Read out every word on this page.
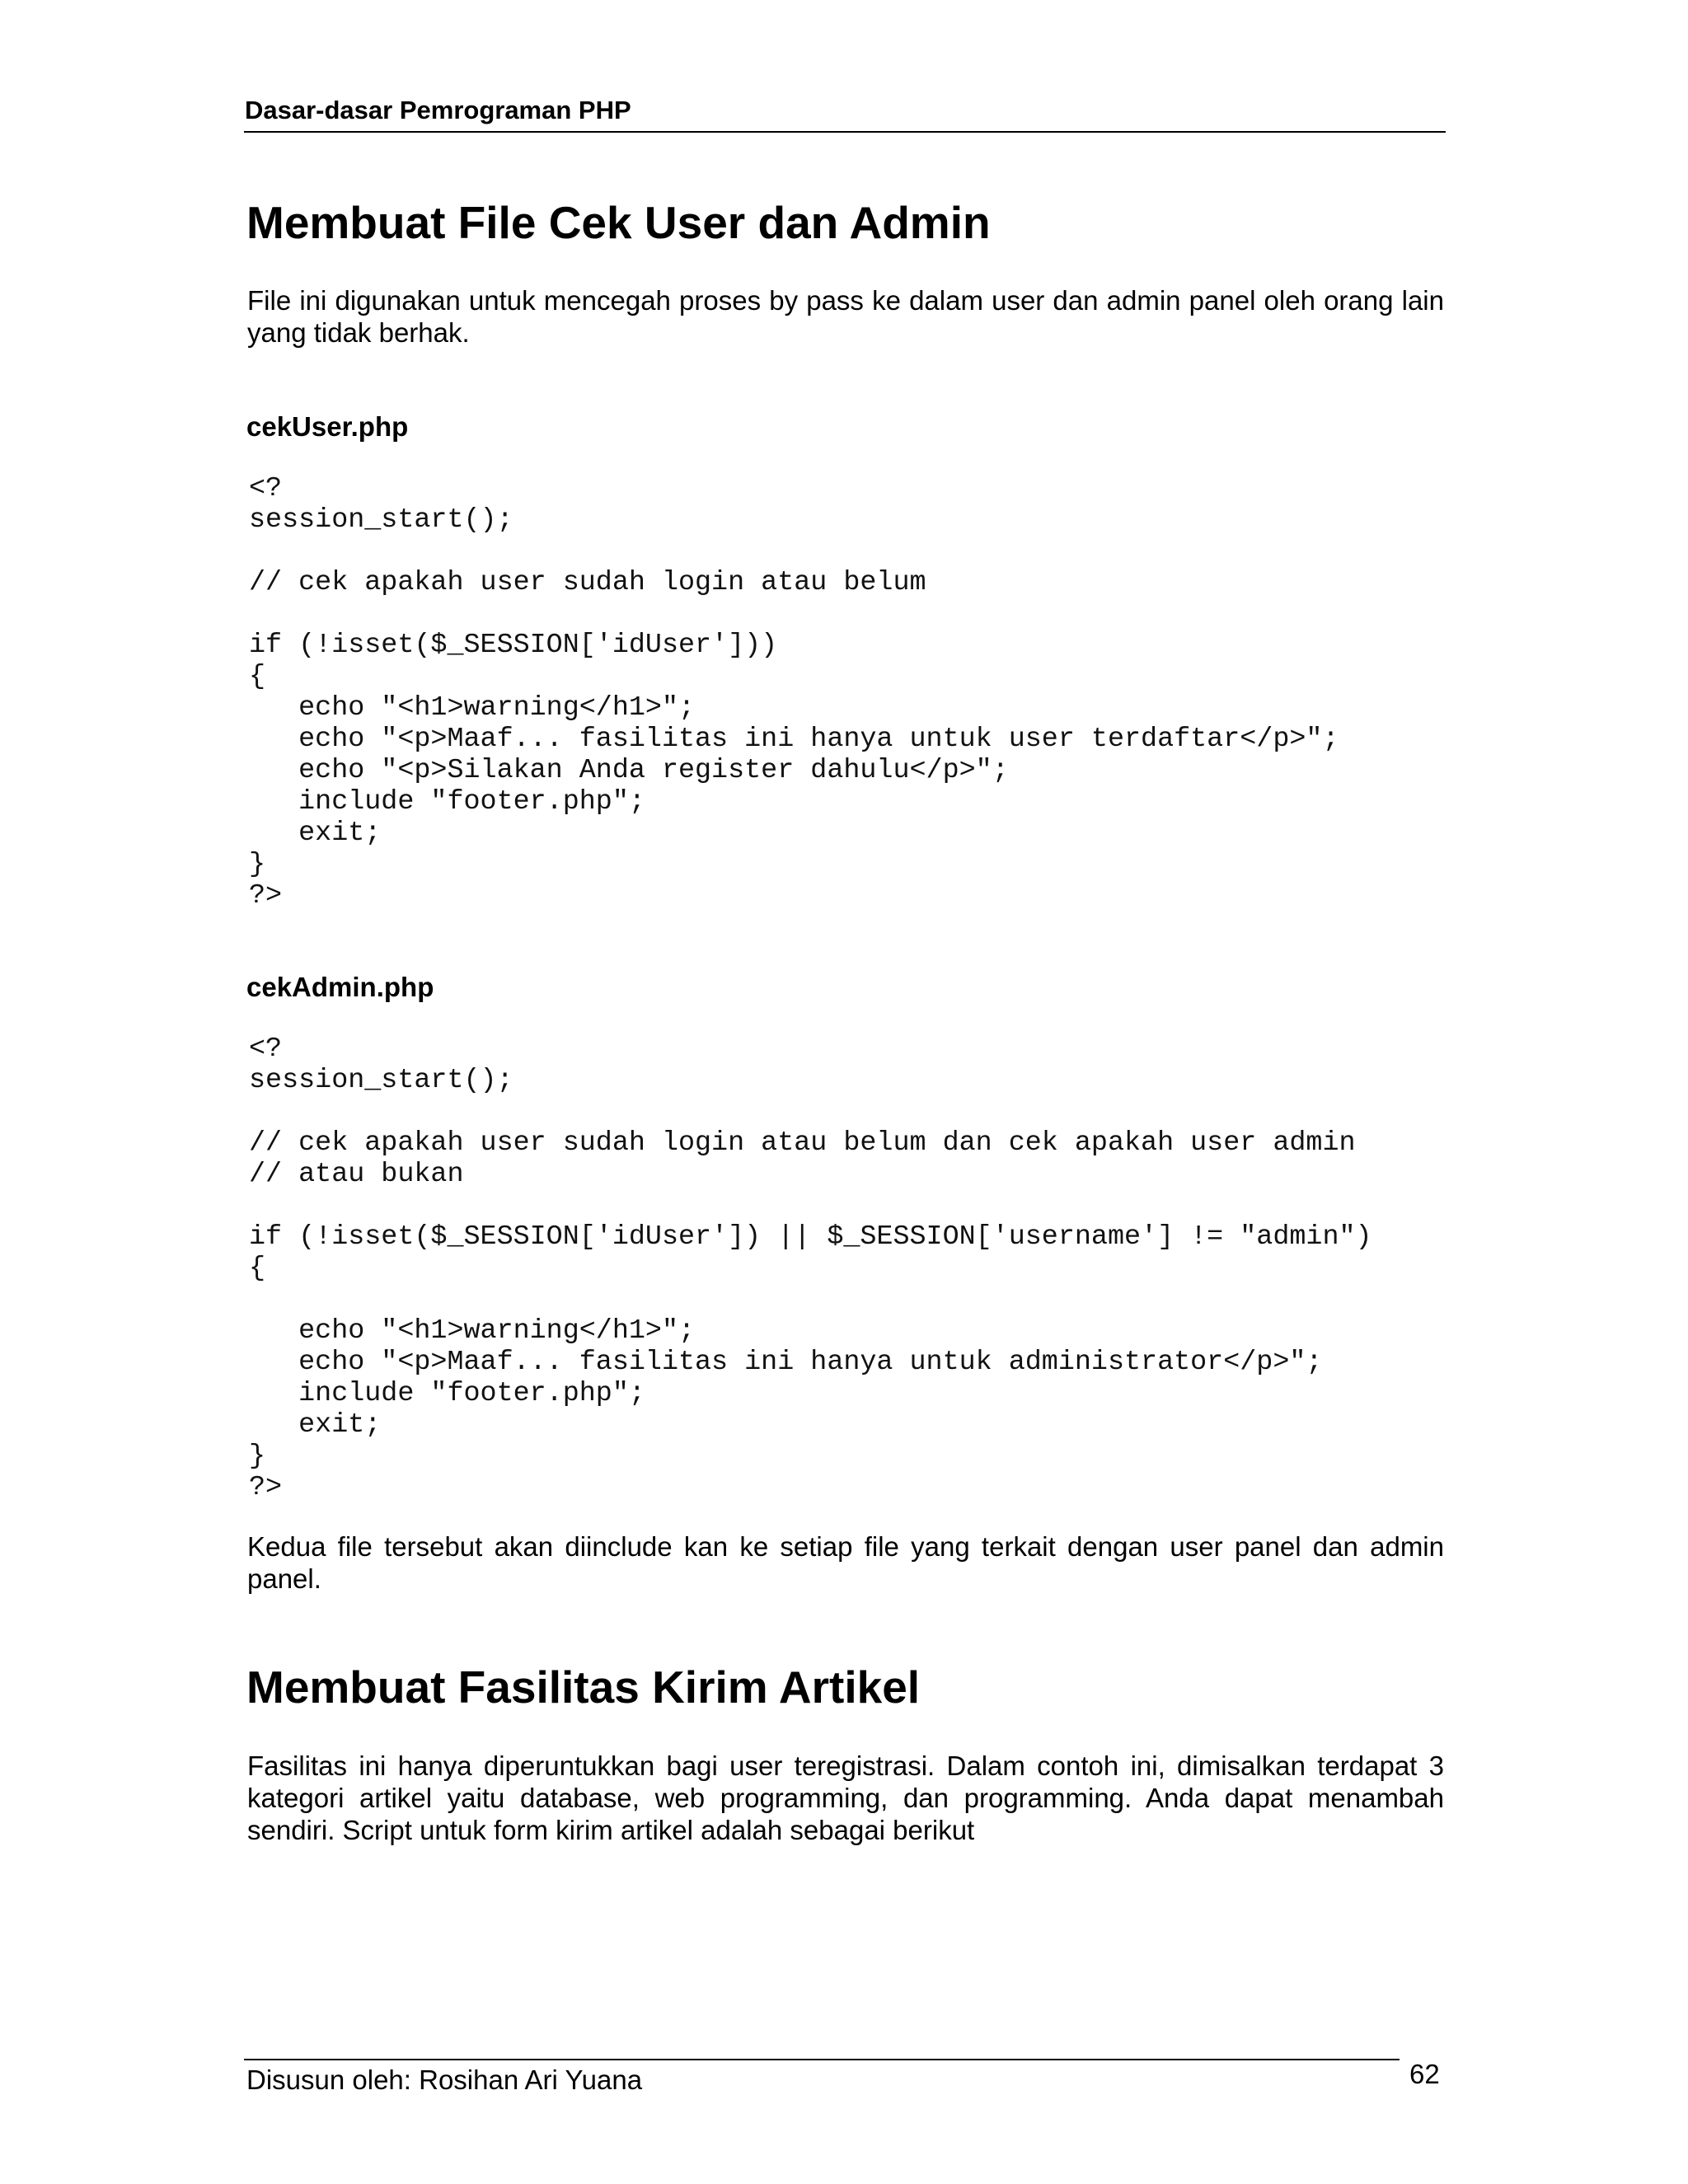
Dasar-dasar Pemrograman PHP
Membuat File Cek User dan Admin

File ini digunakan untuk mencegah proses by pass ke dalam user dan admin panel oleh orang lain yang tidak berhak.

cekUser.php
<?
session_start();

// cek apakah user sudah login atau belum

if (!isset($_SESSION['idUser']))
{
echo "<h1>warning</h1>";
echo "<p>Maaf... fasilitas ini hanya untuk user terdaftar</p>";
echo "<p>Silakan Anda register dahulu</p>";
include "footer.php";
exit;
}
?>
cekAdmin.php
<?
session_start();

// cek apakah user sudah login atau belum dan cek apakah user admin
// atau bukan

if (!isset($_SESSION['idUser']) || $_SESSION['username'] != "admin")
{

echo "<h1>warning</h1>";
echo "<p>Maaf... fasilitas ini hanya untuk administrator</p>";
include "footer.php";
exit;
}
?>

Kedua file tersebut akan diinclude kan ke setiap file yang terkait dengan user panel dan admin panel.

Membuat Fasilitas Kirim Artikel

Fasilitas ini hanya diperuntukkan bagi user teregistrasi. Dalam contoh ini, dimisalkan terdapat 3 kategori artikel yaitu database, web programming, dan programming. Anda dapat menambah sendiri. Script untuk form kirim artikel adalah sebagai berikut

Disusun oleh: Rosihan Ari Yuana	62
